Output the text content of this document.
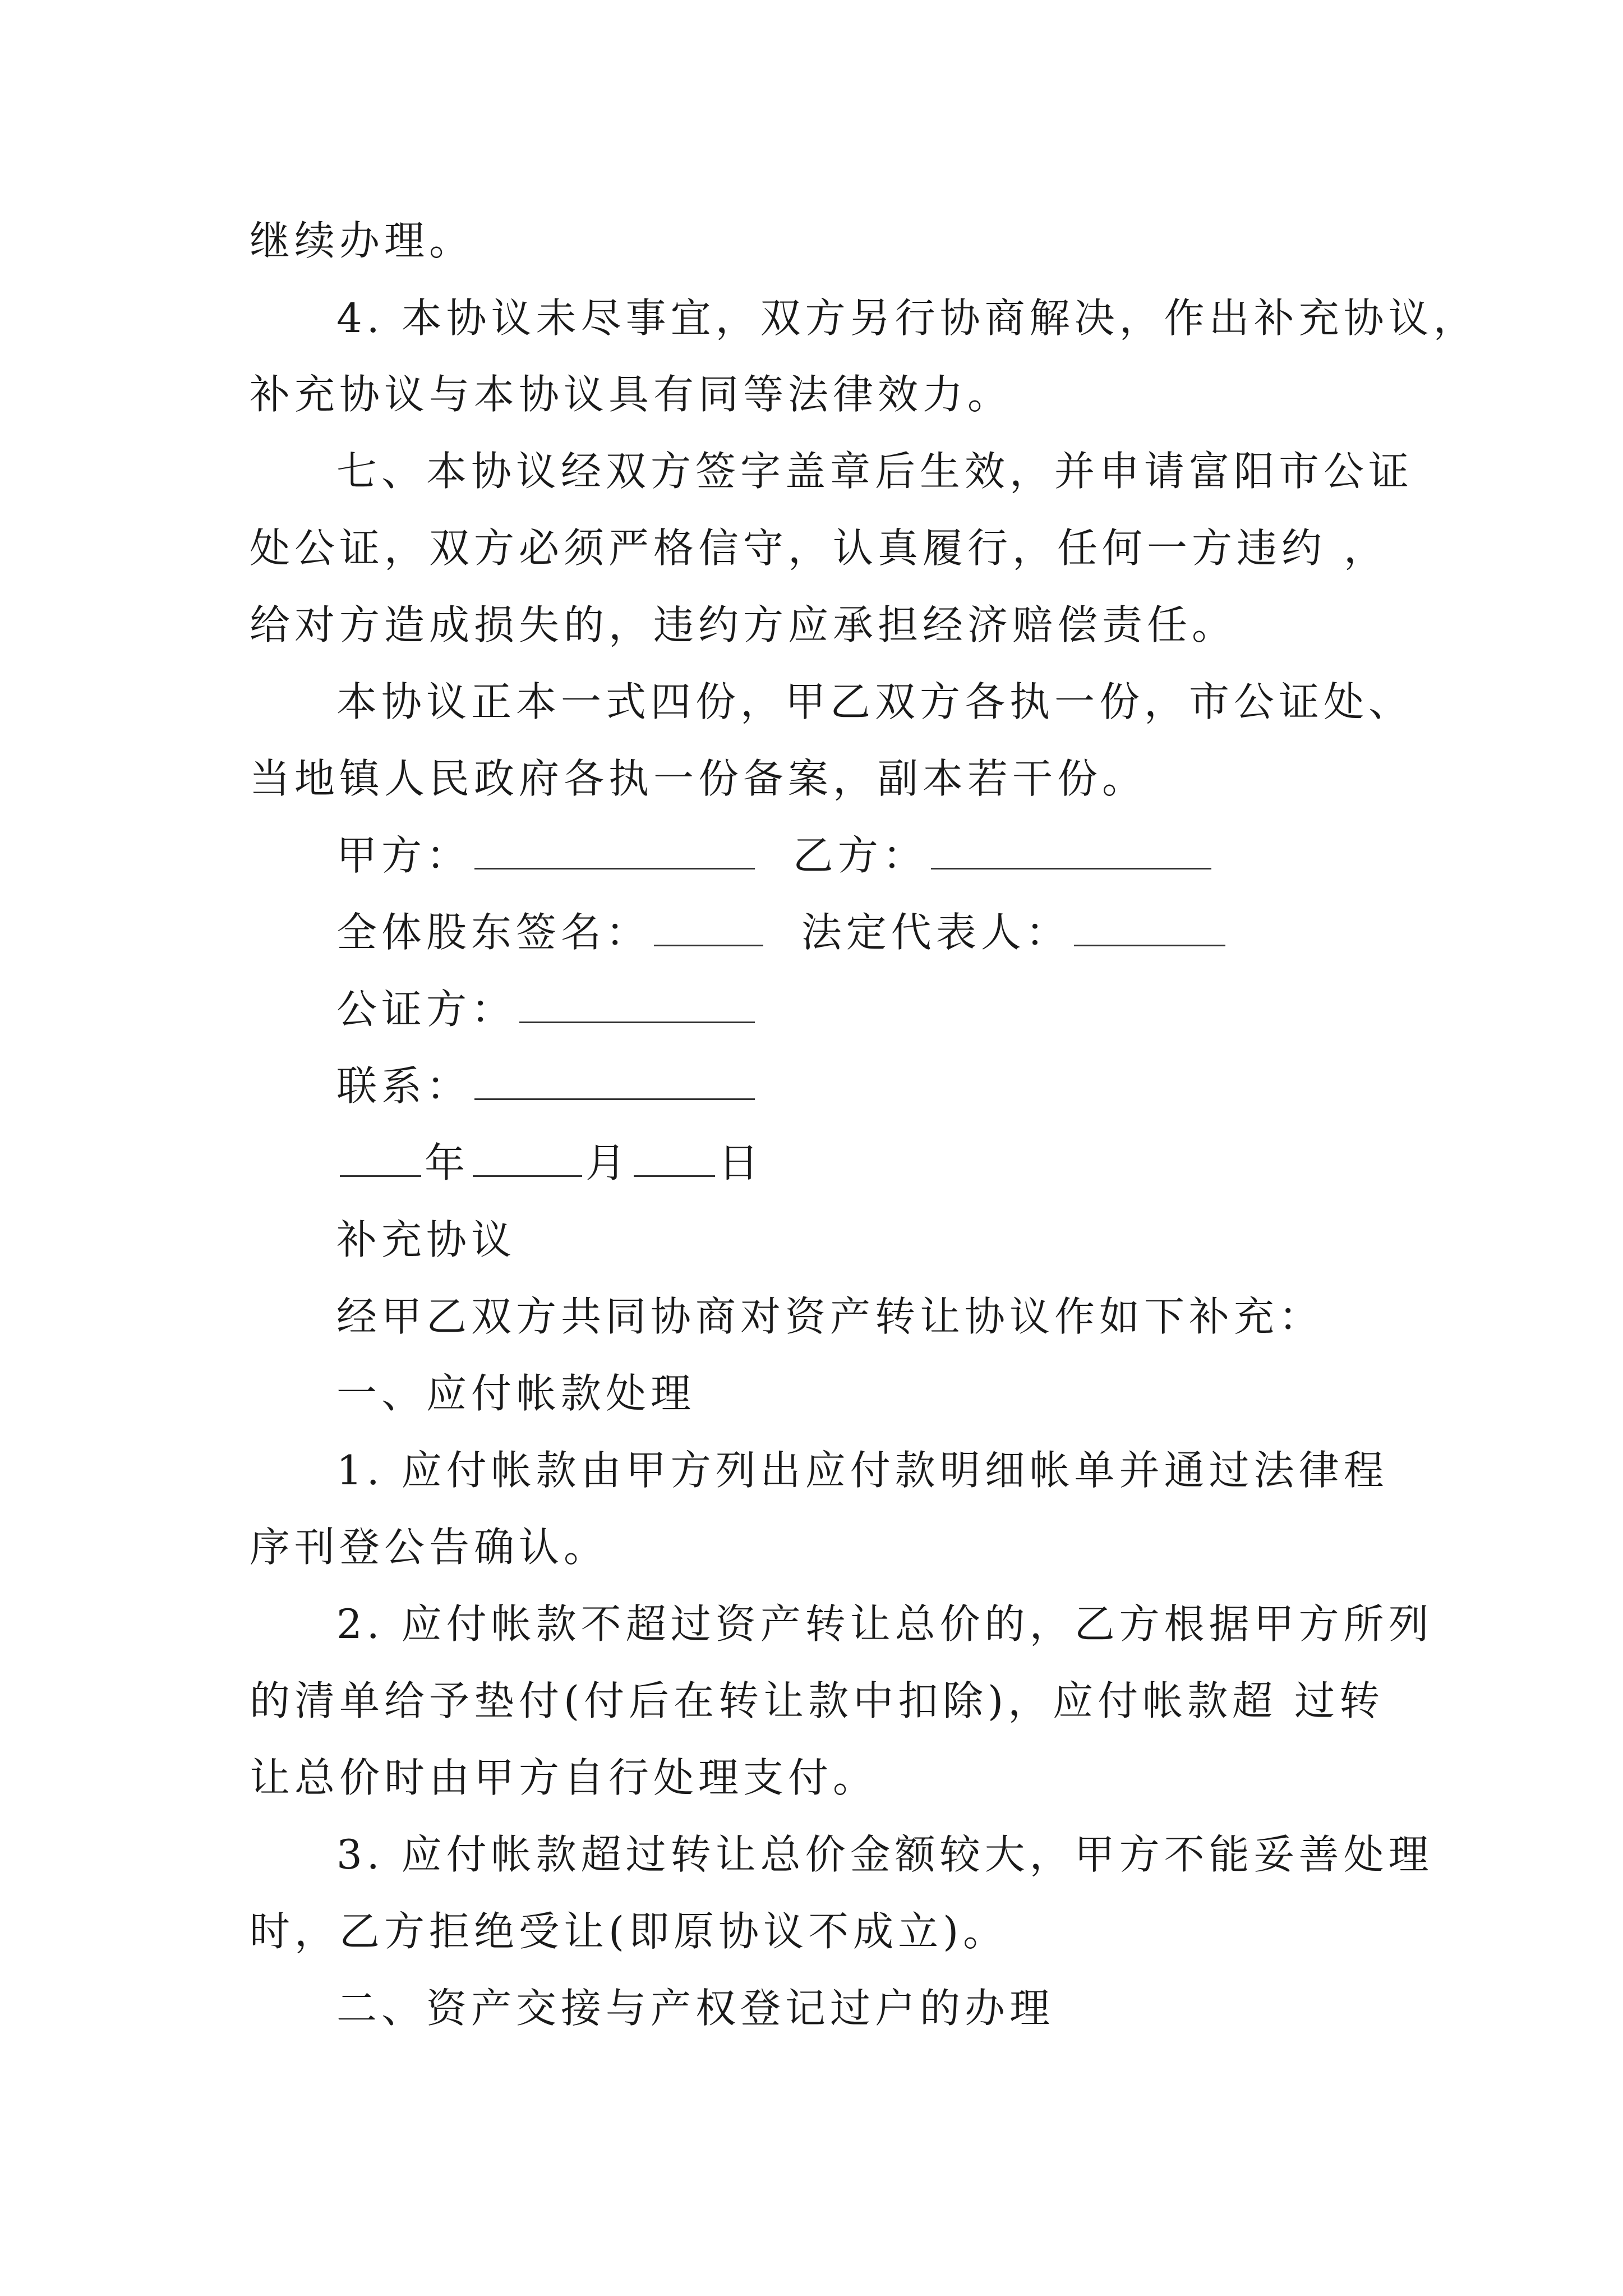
继续办理。
4. 本协议未尽事宜，双方另行协商解决，作出补充协议，
补充协议与本协议具有同等法律效力。
七、本协议经双方签字盖章后生效，并申请富阳市公证
处公证，双方必须严格信守，认真履行，任何一方违约 ，
给对方造成损失的，违约方应承担经济赔偿责任。
本协议正本一式四份，甲乙双方各执一份，市公证处、
当地镇人民政府各执一份备案，副本若干份。
甲方：	乙方：
全体股东签名：	法定代表人：
公证方：
联系：
年	月 日
补充协议
经甲乙双方共同协商对资产转让协议作如下补充：
一、应付帐款处理
1. 应付帐款由甲方列出应付款明细帐单并通过法律程
序刊登公告确认。
2. 应付帐款不超过资产转让总价的，乙方根据甲方所列
的清单给予垫付(付后在转让款中扣除)，应付帐款超 过转
让总价时由甲方自行处理支付。
3. 应付帐款超过转让总价金额较大，甲方不能妥善处理
时，乙方拒绝受让(即原协议不成立)。
二、资产交接与产权登记过户的办理
